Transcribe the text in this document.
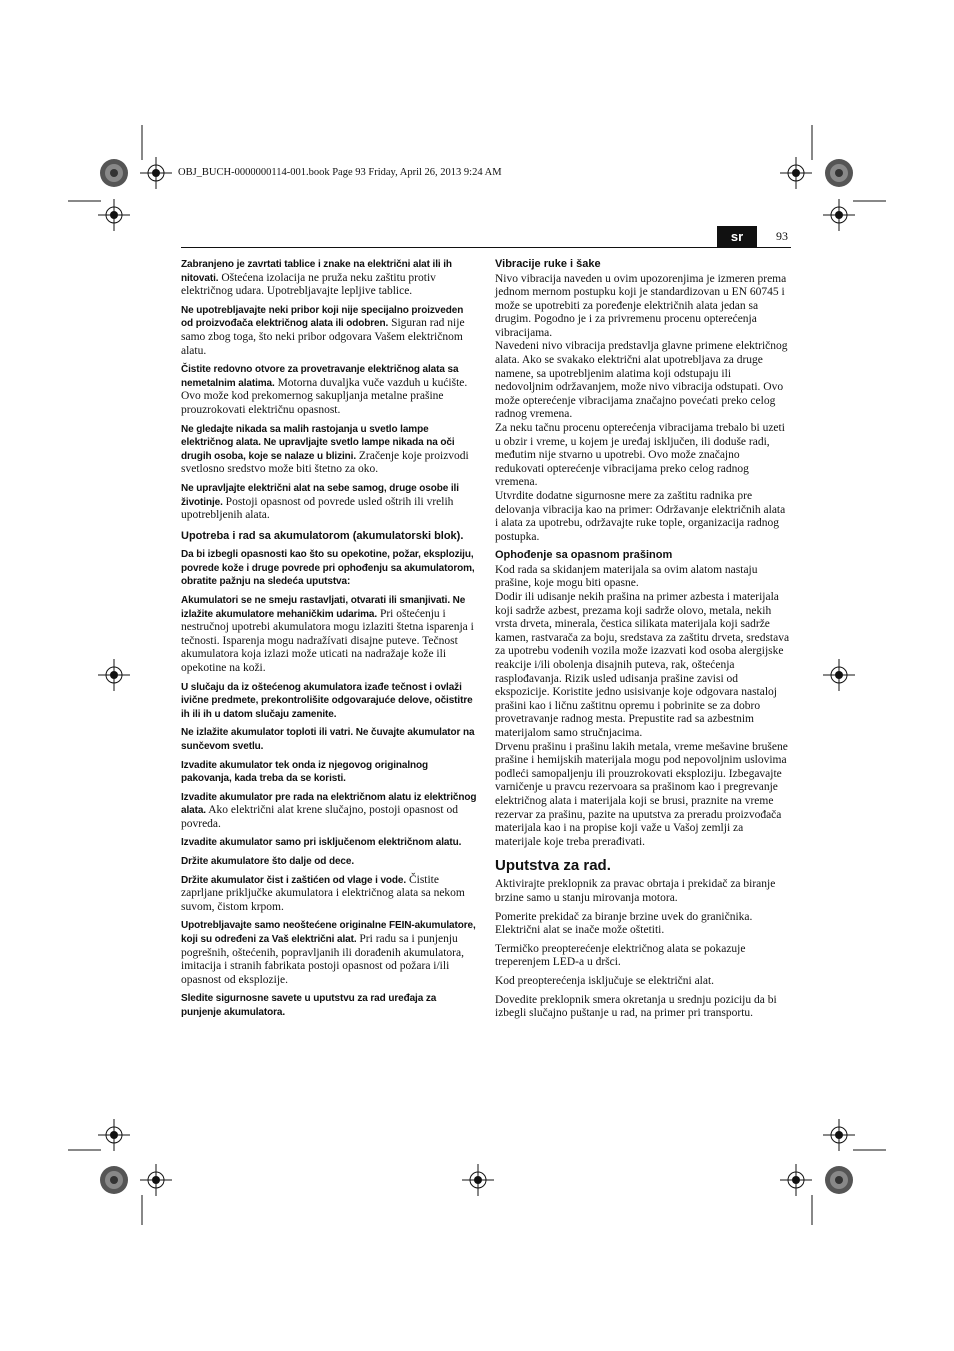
OBJ_BUCH-0000000114-001.book Page 93 Friday, April 26, 2013 9:24 AM
sr	93

Zabranjeno je zavrtati tablice i znake na električni alat ili ih nitovati. Oštećena izolacija ne pruža neku zaštitu protiv električnog udara. Upotrebljavajte lepljive tablice.

Ne upotrebljavajte neki pribor koji nije specijalno proizveden od proizvođača električnog alata ili odobren. Siguran rad nije samo zbog toga, što neki pribor odgovara Vašem električnom alatu.

Čistite redovno otvore za provetravanje električnog alata sa nemetalnim alatima. Motorna duvaljka vuče vazduh u kućište. Ovo može kod prekomernog sakupljanja metalne prašine prouzrokovati električnu opasnost.

Ne gledajte nikada sa malih rastojanja u svetlo lampe električnog alata. Ne upravljajte svetlo lampe nikada na oči drugih osoba, koje se nalaze u blizini. Zračenje koje proizvodi svetlosno sredstvo može biti štetno za oko.

Ne upravljajte električni alat na sebe samog, druge osobe ili životinje. Postoji opasnost od povrede usled oštrih ili vrelih upotrebljenih alata.

Upotreba i rad sa akumulatorom (akumulatorski blok).

Da bi izbegli opasnosti kao što su opekotine, požar, eksploziju, povrede kože i druge povrede pri ophođenju sa akumulatorom, obratite pažnju na sledeća uputstva:

Akumulatori se ne smeju rastavljati, otvarati ili smanjivati. Ne izlažite akumulatore mehaničkim udarima. Pri oštećenju i nestručnoj upotrebi akumulatora mogu izlaziti štetna isparenja i tečnosti. Isparenja mogu nadražívati disajne puteve. Tečnost akumulatora koja izlazi može uticati na nadražaje kože ili opekotine na koži.

U slučaju da iz oštećenog akumulatora izađe tečnost i ovlaži ivične predmete, prekontrolišite odgovarajuće delove, očistitre ih ili ih u datom slučaju zamenite.

Ne izlažite akumulator toploti ili vatri. Ne čuvajte akumulator na sunčevom svetlu.

Izvadite akumulator tek onda iz njegovog originalnog pakovanja, kada treba da se koristi.

Izvadite akumulator pre rada na električnom alatu iz električnog alata. Ako električni alat krene slučajno, postoji opasnost od povreda.

Izvadite akumulator samo pri isključenom električnom alatu.

Držite akumulatore što dalje od dece.

Držite akumulator čist i zaštićen od vlage i vode. Čistite zaprljane priključke akumulatora i električnog alata sa nekom suvom, čistom krpom.

Upotrebljavajte samo neoštećene originalne FEIN-akumulatore, koji su određeni za Vaš električni alat. Pri radu sa i punjenju pogrešnih, oštećenih, popravljanih ili dorađenih akumulatora, imitacija i stranih fabrikata postoji opasnost od požara i/ili opasnost od eksplozije.

Sledite sigurnosne savete u uputstvu za rad uređaja za punjenje akumulatora.

Vibracije ruke i šake

Nivo vibracija naveden u ovim upozorenjima je izmeren prema jednom mernom postupku koji je standardizovan u EN 60745 i može se upotrebiti za poređenje električnih alata jedan sa drugim. Pogodno je i za privremenu procenu opterećenja vibracijama.

Navedeni nivo vibracija predstavlja glavne primene električnog alata. Ako se svakako električni alat upotrebljava za druge namene, sa upotrebljenim alatima koji odstupaju ili nedovoljnim održavanjem, može nivo vibracija odstupati. Ovo može opterećenje vibracijama značajno povećati preko celog radnog vremena.

Za neku tačnu procenu opterećenja vibracijama trebalo bi uzeti u obzir i vreme, u kojem je uređaj isključen, ili doduše radi, međutim nije stvarno u upotrebi. Ovo može značajno redukovati opterećenje vibracijama preko celog radnog vremena.

Utvrdite dodatne sigurnosne mere za zaštitu radnika pre delovanja vibracija kao na primer: Održavanje električnih alata i alata za upotrebu, održavajte ruke tople, organizacija radnog postupka.

Ophođenje sa opasnom prašinom

Kod rada sa skidanjem materijala sa ovim alatom nastaju prašine, koje mogu biti opasne.

Dodir ili udisanje nekih prašina na primer azbesta i materijala koji sadrže azbest, prezama koji sadrže olovo, metala, nekih vrsta drveta, minerala, čestica silikata materijala koji sadrže kamen, rastvarača za boju, sredstava za zaštitu drveta, sredstava za upotrebu vodenih vozila može izazvati kod osoba alergijske reakcije i/ili obolenja disajnih puteva, rak, oštećenja rasplođavanja. Rizik usled udisanja prašine zavisi od ekspozicije. Koristite jedno usisivanje koje odgovara nastaloj prašini kao i ličnu zaštitnu opremu i pobrinite se za dobro provetravanje radnog mesta. Prepustite rad sa azbestnim materijalom samo stručnjacima.

Drvenu prašinu i prašinu lakih metala, vreme mešavine brušene prašine i hemijskih materijala mogu pod nepovoljnim uslovima podleći samopaljenju ili prouzrokovati eksploziju. Izbegavajte varničenje u pravcu rezervoara sa prašinom kao i pregrevanje električnog alata i materijala koji se brusi, praznite na vreme rezervar za prašinu, pazite na uputstva za preradu proizvođača materijala kao i na propise koji važe u Vašoj zemlji za materijale koje treba prerađivati.

Uputstva za rad.

Aktivirajte preklopnik za pravac obrtaja i prekidač za biranje brzine samo u stanju mirovanja motora.

Pomerite prekidač za biranje brzine uvek do graničnika. Električni alat se inače može oštetiti.

Termičko preopterećenje električnog alata se pokazuje treperenjem LED-a u dršci.

Kod preopterećenja isključuje se električni alat.

Dovedite preklopnik smera okretanja u srednju poziciju da bi izbegli slučajno puštanje u rad, na primer pri transportu.
